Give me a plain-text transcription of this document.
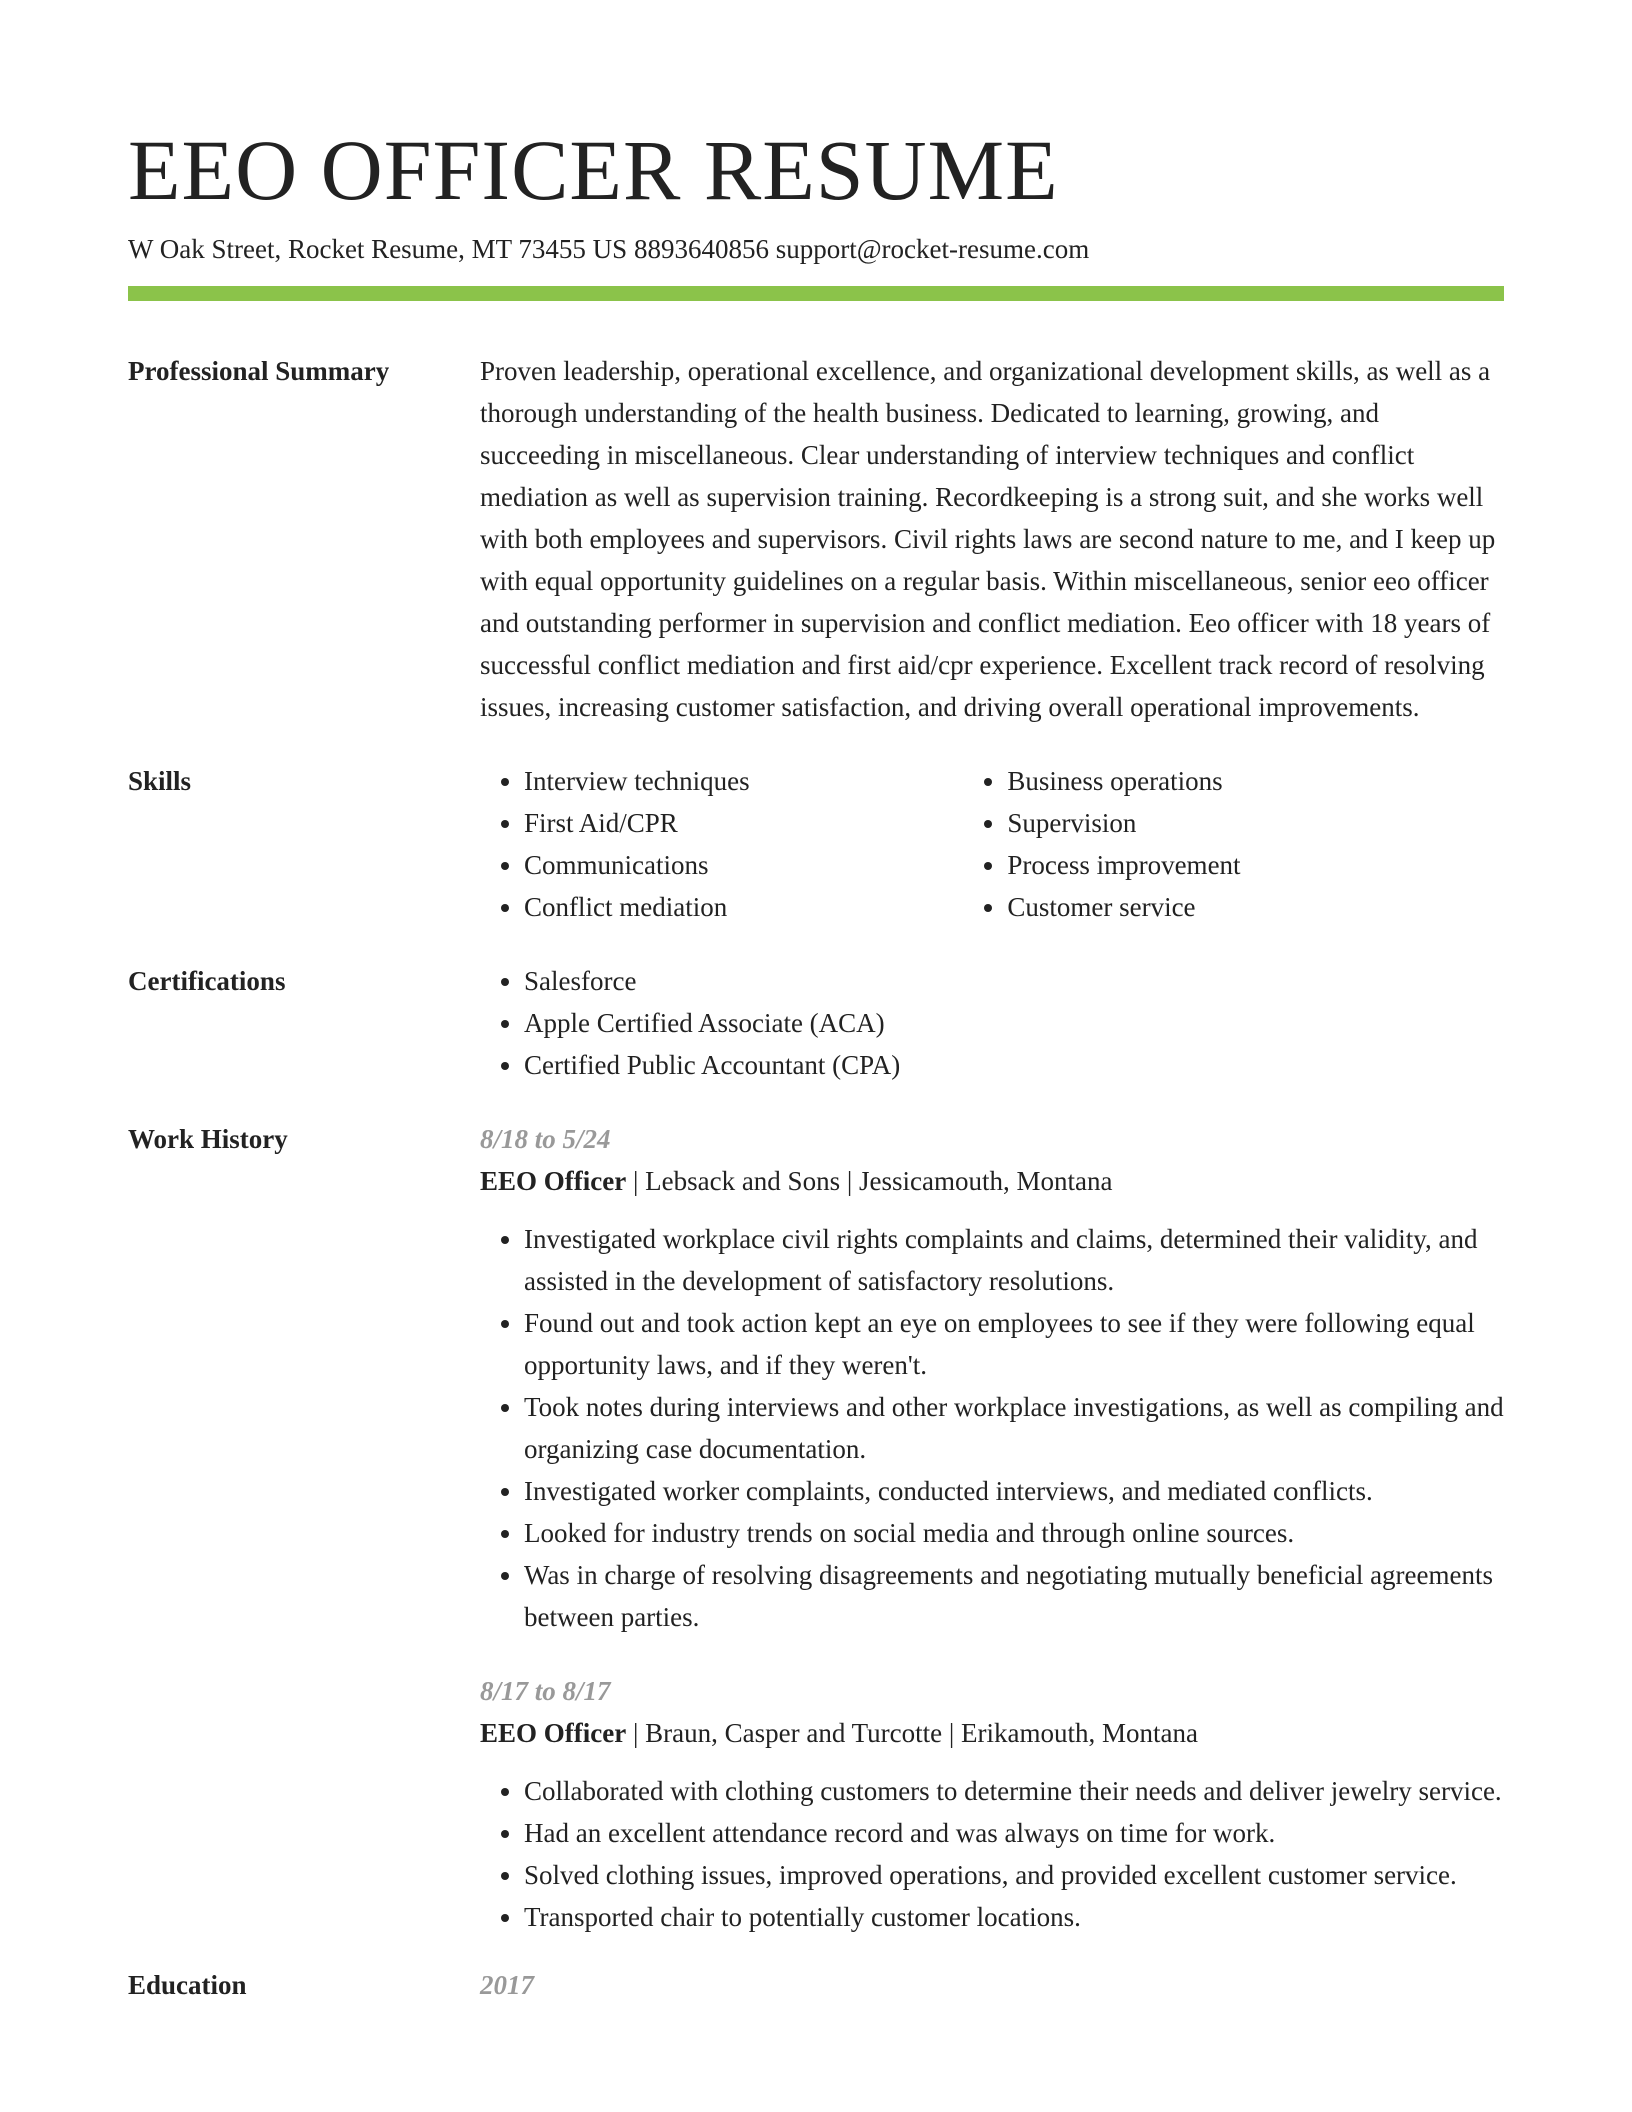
EEO OFFICER RESUME
W Oak Street, Rocket Resume, MT 73455 US 8893640856 support@rocket-resume.com
Professional Summary	Proven leadership, operational excellence, and organizational development skills, as well as a thorough understanding of the health business. Dedicated to learning, growing, and succeeding in miscellaneous. Clear understanding of interview techniques and conflict mediation as well as supervision training. Recordkeeping is a strong suit, and she works well with both employees and supervisors. Civil rights laws are second nature to me, and I keep up with equal opportunity guidelines on a regular basis. Within miscellaneous, senior eeo officer and outstanding performer in supervision and conflict mediation. Eeo officer with 18 years of successful conflict mediation and first aid/cpr experience. Excellent track record of resolving issues, increasing customer satisfaction, and driving overall operational improvements.

Skills	• Interview techniques
• First Aid/CPR
• Communications
• Conflict mediation
• Business operations
• Supervision
• Process improvement
• Customer service
Certifications	• Salesforce
• Apple Certified Associate (ACA)
• Certified Public Accountant (CPA)
Work History	8/18 to 5/24
EEO Officer | Lebsack and Sons | Jessicamouth, Montana
• Investigated workplace civil rights complaints and claims, determined their validity, and assisted in the development of satisfactory resolutions.
• Found out and took action kept an eye on employees to see if they were following equal opportunity laws, and if they weren't.
• Took notes during interviews and other workplace investigations, as well as compiling and organizing case documentation.
• Investigated worker complaints, conducted interviews, and mediated conflicts.
• Looked for industry trends on social media and through online sources.
• Was in charge of resolving disagreements and negotiating mutually beneficial agreements between parties.
8/17 to 8/17
EEO Officer | Braun, Casper and Turcotte | Erikamouth, Montana
• Collaborated with clothing customers to determine their needs and deliver jewelry service.
• Had an excellent attendance record and was always on time for work.
• Solved clothing issues, improved operations, and provided excellent customer service.
• Transported chair to potentially customer locations.
Education	2017
